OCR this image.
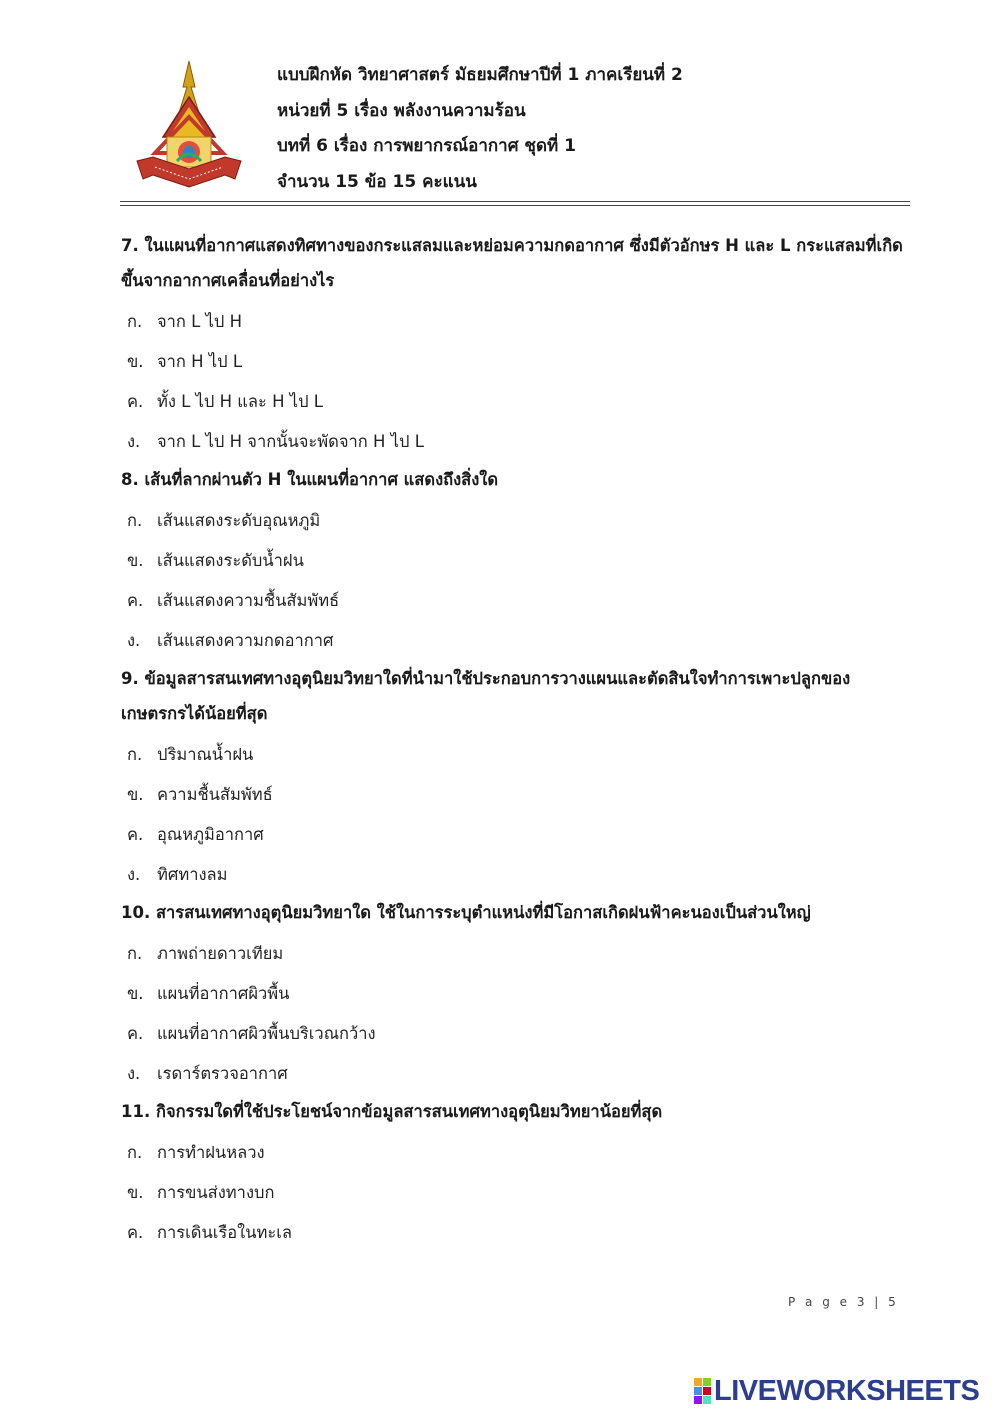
แบบฝึกหัด วิทยาศาสตร์ มัธยมศึกษาปีที่ 1 ภาคเรียนที่ 2
หน่วยที่ 5 เรื่อง พลังงานความร้อน
บทที่ 6 เรื่อง การพยากรณ์อากาศ ชุดที่ 1
จำนวน 15 ข้อ 15 คะแนน

7. ในแผนที่อากาศแสดงทิศทางของกระแสลมและหย่อมความกดอากาศ ซึ่งมีตัวอักษร H และ L กระแสลมที่เกิดขึ้นจากอากาศเคลื่อนที่อย่างไร

ก. จาก L ไป H
ข. จาก H ไป L
ค. ทั้ง L ไป H และ H ไป L
ง. จาก L ไป H จากนั้นจะพัดจาก H ไป L

8. เส้นที่ลากผ่านตัว H ในแผนที่อากาศ แสดงถึงสิ่งใด

ก. เส้นแสดงระดับอุณหภูมิ
ข. เส้นแสดงระดับน้ำฝน
ค. เส้นแสดงความชื้นสัมพัทธ์
ง. เส้นแสดงความกดอากาศ

9. ข้อมูลสารสนเทศทางอุตุนิยมวิทยาใดที่นำมาใช้ประกอบการวางแผนและตัดสินใจทำการเพาะปลูกของเกษตรกรได้น้อยที่สุด

ก. ปริมาณน้ำฝน
ข. ความชื้นสัมพัทธ์
ค. อุณหภูมิอากาศ
ง. ทิศทางลม

10. สารสนเทศทางอุตุนิยมวิทยาใด ใช้ในการระบุตำแหน่งที่มีโอกาสเกิดฝนฟ้าคะนองเป็นส่วนใหญ่

ก. ภาพถ่ายดาวเทียม
ข. แผนที่อากาศผิวพื้น
ค. แผนที่อากาศผิวพื้นบริเวณกว้าง
ง. เรดาร์ตรวจอากาศ

11. กิจกรรมใดที่ใช้ประโยชน์จากข้อมูลสารสนเทศทางอุตุนิยมวิทยาน้อยที่สุด

ก. การทำฝนหลวง
ข. การขนส่งทางบก
ค. การเดินเรือในทะเล
P a g e 3 | 5
LIVEWORKSHEETS
